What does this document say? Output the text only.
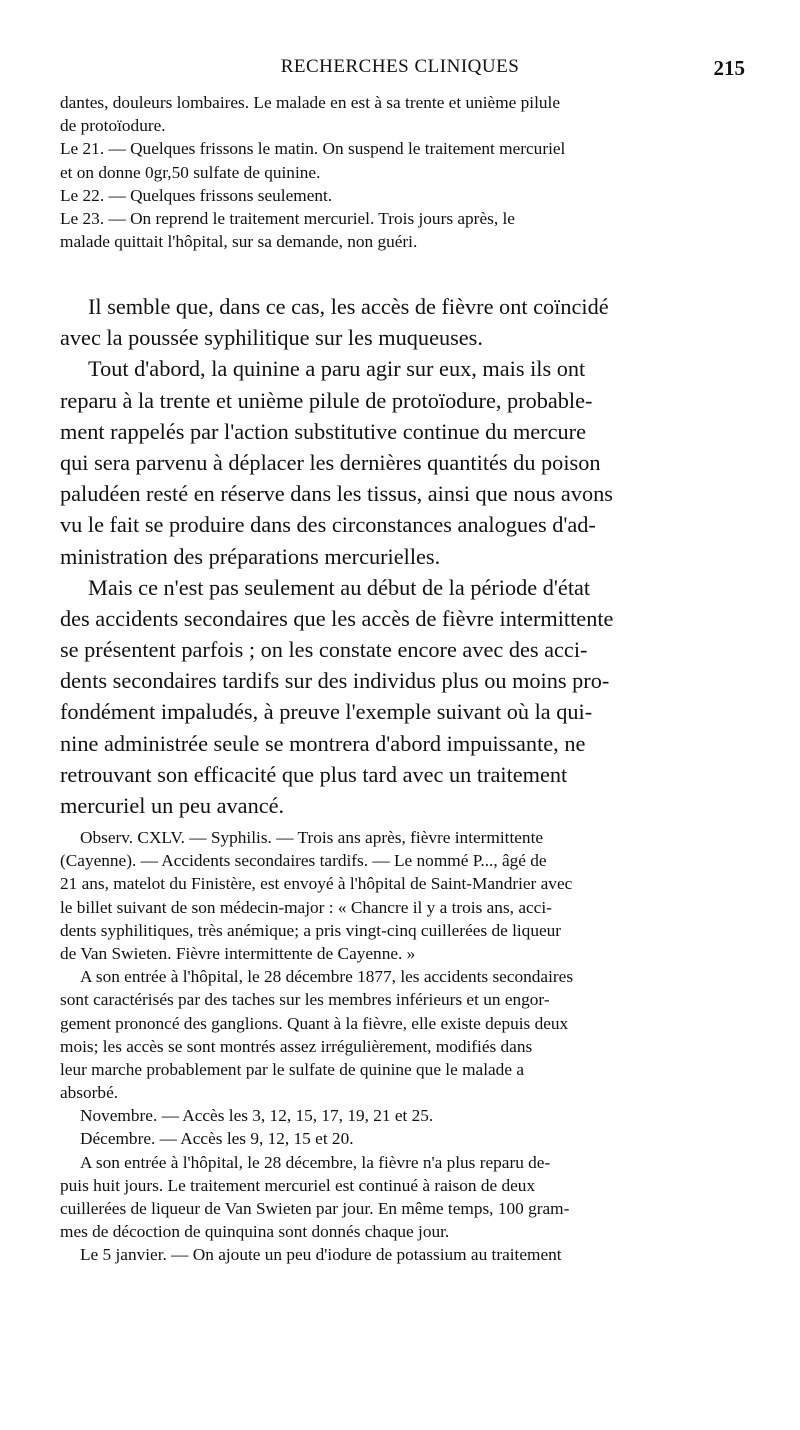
RECHERCHES CLINIQUES	215
dantes, douleurs lombaires. Le malade en est à sa trente et unième pilule
de protoïodure.
Le 21. — Quelques frissons le matin. On suspend le traitement mercuriel
et on donne 0gr,50 sulfate de quinine.
Le 22. — Quelques frissons seulement.
Le 23. — On reprend le traitement mercuriel. Trois jours après, le
malade quittait l'hôpital, sur sa demande, non guéri.
Il semble que, dans ce cas, les accès de fièvre ont coïncidé
avec la poussée syphilitique sur les muqueuses.
Tout d'abord, la quinine a paru agir sur eux, mais ils ont
reparu à la trente et unième pilule de protoïodure, probable-
ment rappelés par l'action substitutive continue du mercure
qui sera parvenu à déplacer les dernières quantités du poison
paludéen resté en réserve dans les tissus, ainsi que nous avons
vu le fait se produire dans des circonstances analogues d'ad-
ministration des préparations mercurielles.
Mais ce n'est pas seulement au début de la période d'état
des accidents secondaires que les accès de fièvre intermittente
se présentent parfois ; on les constate encore avec des acci-
dents secondaires tardifs sur des individus plus ou moins pro-
fondément impaludés, à preuve l'exemple suivant où la qui-
nine administrée seule se montrera d'abord impuissante, ne
retrouvant son efficacité que plus tard avec un traitement
mercuriel un peu avancé.
Observ. CXLV. — Syphilis. — Trois ans après, fièvre intermittente
(Cayenne). — Accidents secondaires tardifs. — Le nommé P..., âgé de
21 ans, matelot du Finistère, est envoyé à l'hôpital de Saint-Mandrier avec
le billet suivant de son médecin-major : « Chancre il y a trois ans, acci-
dents syphilitiques, très anémique; a pris vingt-cinq cuillerées de liqueur
de Van Swieten. Fièvre intermittente de Cayenne. »
A son entrée à l'hôpital, le 28 décembre 1877, les accidents secondaires
sont caractérisés par des taches sur les membres inférieurs et un engor-
gement prononcé des ganglions. Quant à la fièvre, elle existe depuis deux
mois; les accès se sont montrés assez irrégulièrement, modifiés dans
leur marche probablement par le sulfate de quinine que le malade a
absorbé.
Novembre. — Accès les 3, 12, 15, 17, 19, 21 et 25.
Décembre. — Accès les 9, 12, 15 et 20.
A son entrée à l'hôpital, le 28 décembre, la fièvre n'a plus reparu de-
puis huit jours. Le traitement mercuriel est continué à raison de deux
cuillerées de liqueur de Van Swieten par jour. En même temps, 100 gram-
mes de décoction de quinquina sont donnés chaque jour.
Le 5 janvier. — On ajoute un peu d'iodure de potassium au traitement
